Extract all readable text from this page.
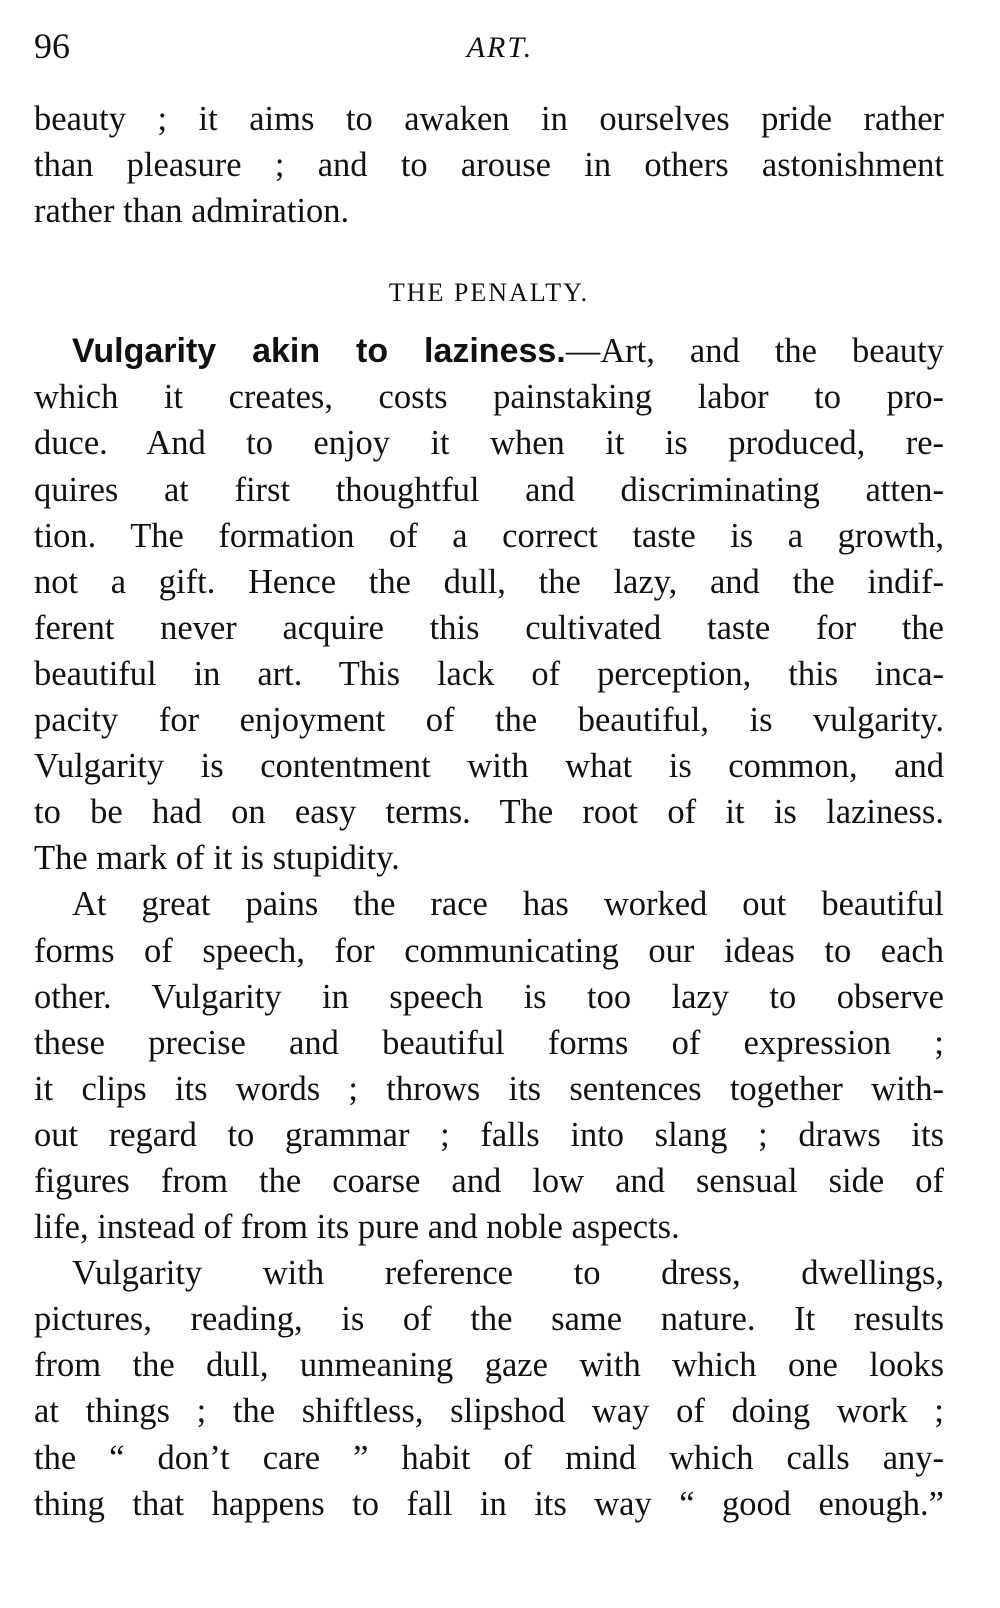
96	ART.
beauty ; it aims to awaken in ourselves pride rather
than pleasure ; and to arouse in others astonishment
rather than admiration.
THE PENALTY.
Vulgarity akin to laziness.—Art, and the beauty
which it creates, costs painstaking labor to pro-
duce. And to enjoy it when it is produced, re-
quires at first thoughtful and discriminating atten-
tion. The formation of a correct taste is a growth,
not a gift. Hence the dull, the lazy, and the indif-
ferent never acquire this cultivated taste for the
beautiful in art. This lack of perception, this inca-
pacity for enjoyment of the beautiful, is vulgarity.
Vulgarity is contentment with what is common, and
to be had on easy terms. The root of it is laziness.
The mark of it is stupidity.
At great pains the race has worked out beautiful
forms of speech, for communicating our ideas to each
other. Vulgarity in speech is too lazy to observe
these precise and beautiful forms of expression ;
it clips its words ; throws its sentences together with-
out regard to grammar ; falls into slang ; draws its
figures from the coarse and low and sensual side of
life, instead of from its pure and noble aspects.
Vulgarity with reference to dress, dwellings,
pictures, reading, is of the same nature. It results
from the dull, unmeaning gaze with which one looks
at things ; the shiftless, slipshod way of doing work ;
the “ don’t care ” habit of mind which calls any-
thing that happens to fall in its way “ good enough.”
